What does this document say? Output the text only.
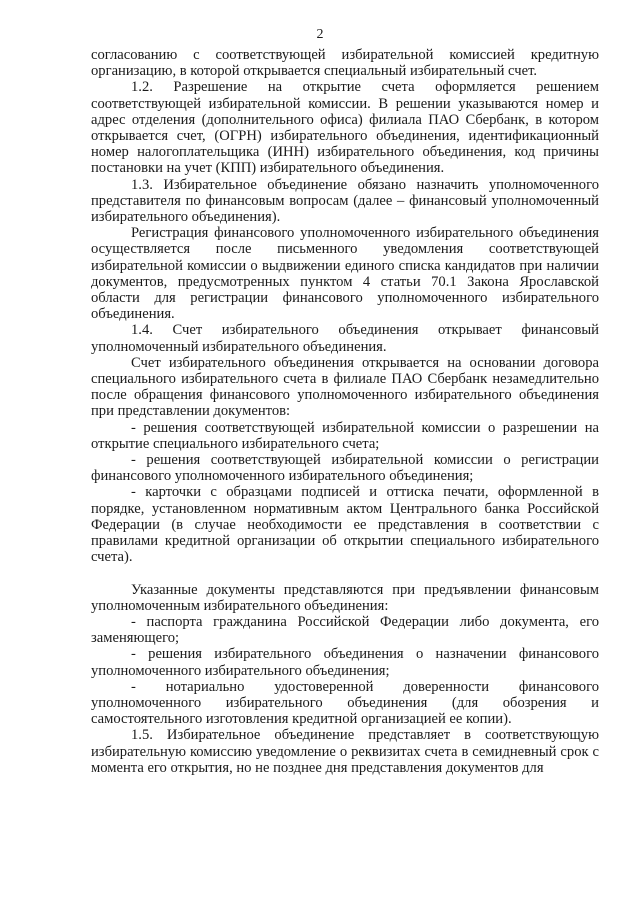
2

согласованию с соответствующей избирательной комиссией кредитную организацию, в которой открывается специальный избирательный счет.

1.2. Разрешение на открытие счета оформляется решением соответствующей избирательной комиссии. В решении указываются номер и адрес отделения (дополнительного офиса) филиала ПАО Сбербанк, в котором открывается счет, (ОГРН) избирательного объединения, идентификационный номер налогоплательщика (ИНН) избирательного объединения, код причины постановки на учет (КПП) избирательного объединения.

1.3. Избирательное объединение обязано назначить уполномоченного представителя по финансовым вопросам (далее – финансовый уполномоченный избирательного объединения).

Регистрация финансового уполномоченного избирательного объединения осуществляется после письменного уведомления соответствующей избирательной комиссии о выдвижении единого списка кандидатов при наличии документов, предусмотренных пунктом 4 статьи 70.1 Закона Ярославской области для регистрации финансового уполномоченного избирательного объединения.

1.4. Счет избирательного объединения открывает финансовый уполномоченный избирательного объединения.

Счет избирательного объединения открывается на основании договора специального избирательного счета в филиале ПАО Сбербанк незамедлительно после обращения финансового уполномоченного избирательного объединения при представлении документов:

- решения соответствующей избирательной комиссии о разрешении на открытие специального избирательного счета;

- решения соответствующей избирательной комиссии о регистрации финансового уполномоченного избирательного объединения;

- карточки с образцами подписей и оттиска печати, оформленной в порядке, установленном нормативным актом Центрального банка Российской Федерации (в случае необходимости ее представления в соответствии с правилами кредитной организации об открытии специального избирательного счета).

Указанные документы представляются при предъявлении финансовым уполномоченным избирательного объединения:

- паспорта гражданина Российской Федерации либо документа, его заменяющего;

- решения избирательного объединения о назначении финансового уполномоченного избирательного объединения;

- нотариально удостоверенной доверенности финансового уполномоченного избирательного объединения (для обозрения и самостоятельного изготовления кредитной организацией ее копии).

1.5. Избирательное объединение представляет в соответствующую избирательную комиссию уведомление о реквизитах счета в семидневный срок с момента его открытия, но не позднее дня представления документов для
